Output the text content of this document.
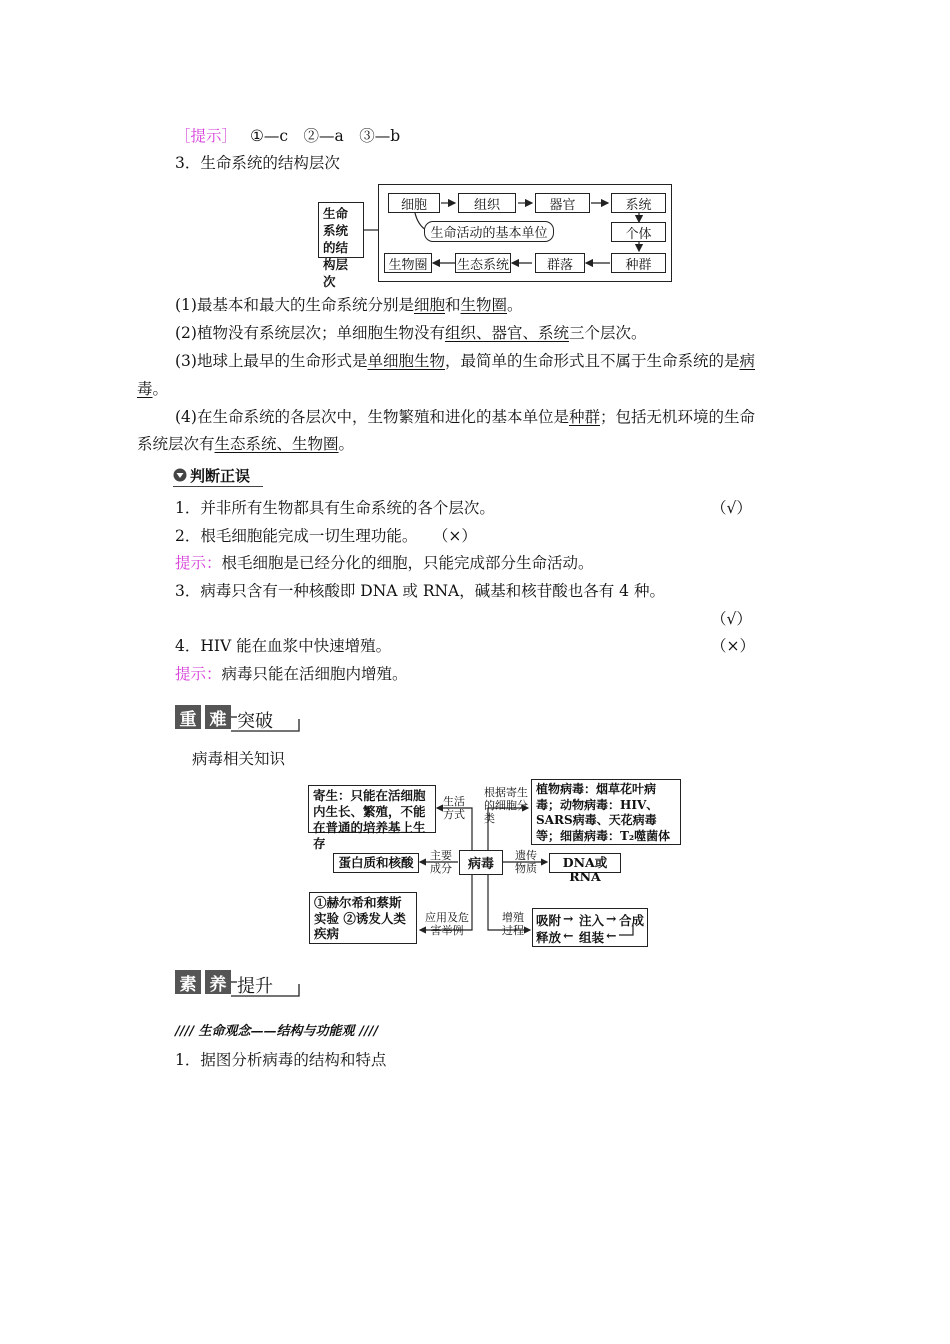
［提示］ ①—c　②—a　③—b
3．生命系统的结构层次
生命系统的结构层次
细胞	组织	器官	系统
生命活动的基本单位	个体
种群
群落
生态系统
生物圈
(1)最基本和最大的生命系统分别是细胞和生物圈。
(2)植物没有系统层次；单细胞生物没有组织、器官、系统三个层次。
(3)地球上最早的生命形式是单细胞生物，最简单的生命形式且不属于生命系统的是病
毒。
(4)在生命系统的各层次中，生物繁殖和进化的基本单位是种群；包括无机环境的生命
系统层次有生态系统、生物圈。
判断正误
1．并非所有生物都具有生命系统的各个层次。	（√）
2．根毛细胞能完成一切生理功能。　　（×）
提示：根毛细胞是已经分化的细胞，只能完成部分生命活动。
3．病毒只含有一种核酸即 DNA 或 RNA，碱基和核苷酸也各有 4 种。
（√）
4．HIV 能在血浆中快速增殖。	（×）
提示：病毒只能在活细胞内增殖。
重 难 突破
病毒相关知识
寄生：只能在活细胞内生长、繁殖，不能在普通的培养基上生存
生活方式
根据寄生的细胞分类
植物病毒：烟草花叶病毒；动物病毒：HIV、SARS病毒、天花病毒等；细菌病毒：T₂噬菌体
蛋白质和核酸	主要成分	病毒
遗传物质	DNA或RNA
①赫尔希和蔡斯实验 ②诱发人类疾病
应用及危害举例
增殖过程
吸附 → 注入 → 合成
释放 ← 组装 ←
素 养 提升
//// 生命观念——结构与功能观 ////
1．据图分析病毒的结构和特点
